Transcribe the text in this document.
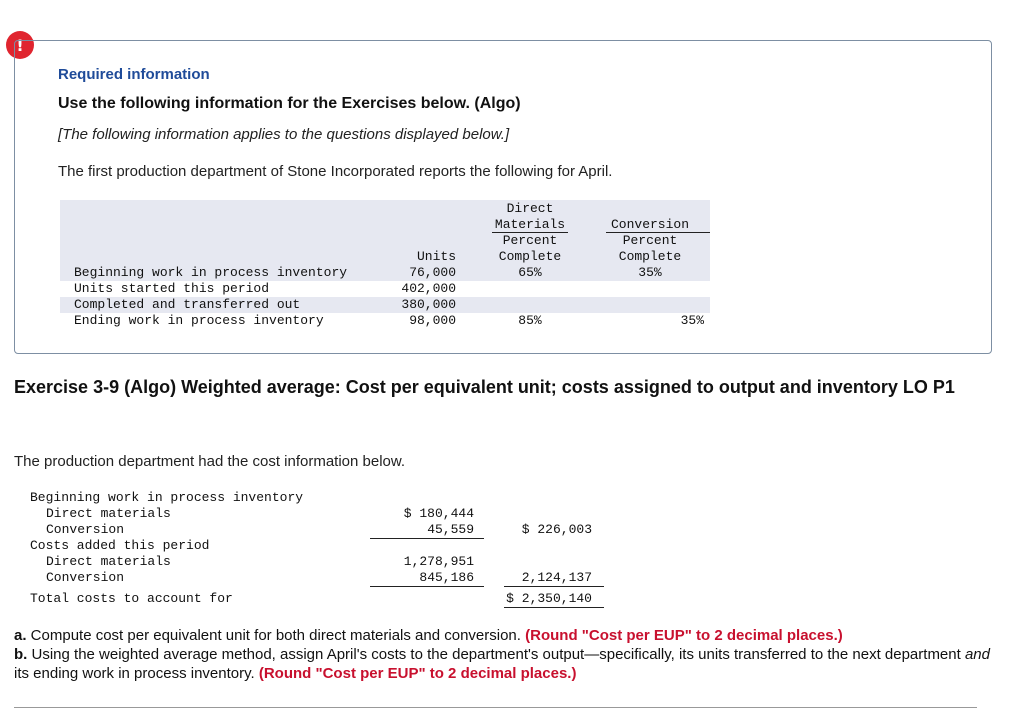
!
Required information
Use the following information for the Exercises below. (Algo)
[The following information applies to the questions displayed below.]
The first production department of Stone Incorporated reports the following for April.
Units
Direct
Materials
Percent
Complete
Conversion
Percent
Complete
Beginning work in process inventory	76,000	65%	35%
Units started this period	402,000
Completed and transferred out	380,000
Ending work in process inventory	98,000	85%	35%
Exercise 3-9 (Algo) Weighted average: Cost per equivalent unit; costs assigned to output and inventory LO P1
The production department had the cost information below.
Beginning work in process inventory
Direct materials	$ 180,444
Conversion	45,559	$ 226,003
Costs added this period
Direct materials	1,278,951
Conversion	845,186	2,124,137
Total costs to account for	$ 2,350,140
a. Compute cost per equivalent unit for both direct materials and conversion. (Round "Cost per EUP" to 2 decimal places.)
b. Using the weighted average method, assign April's costs to the department's output—specifically, its units transferred to the next department and its ending work in process inventory. (Round "Cost per EUP" to 2 decimal places.)
